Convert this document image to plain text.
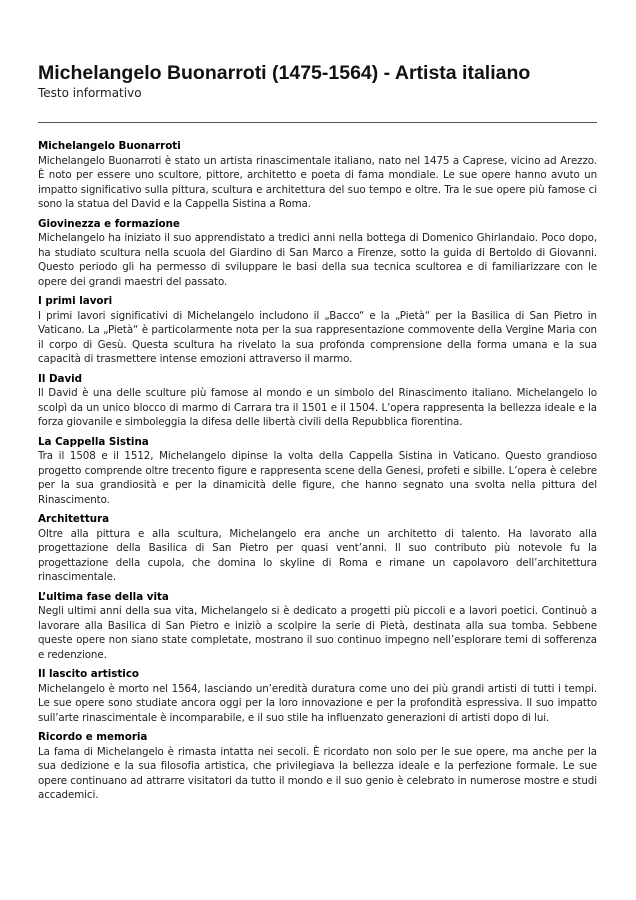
Michelangelo Buonarroti (1475-1564) - Artista italiano
Testo informativo
Michelangelo Buonarroti

Michelangelo Buonarroti è stato un artista rinascimentale italiano, nato nel 1475 a Caprese, vicino ad Arezzo. È noto per essere uno scultore, pittore, architetto e poeta di fama mondiale. Le sue opere hanno avuto un impatto significativo sulla pittura, scultura e architettura del suo tempo e oltre. Tra le sue opere più famose ci sono la statua del David e la Cappella Sistina a Roma.

Giovinezza e formazione

Michelangelo ha iniziato il suo apprendistato a tredici anni nella bottega di Domenico Ghirlandaio. Poco dopo, ha studiato scultura nella scuola del Giardino di San Marco a Firenze, sotto la guida di Bertoldo di Giovanni. Questo periodo gli ha permesso di sviluppare le basi della sua tecnica scultorea e di familiarizzare con le opere dei grandi maestri del passato.

I primi lavori

I primi lavori significativi di Michelangelo includono il „Bacco“ e la „Pietà“ per la Basilica di San Pietro in Vaticano. La „Pietà“ è particolarmente nota per la sua rappresentazione commovente della Vergine Maria con il corpo di Gesù. Questa scultura ha rivelato la sua profonda comprensione della forma umana e la sua capacità di trasmettere intense emozioni attraverso il marmo.

Il David

Il David è una delle sculture più famose al mondo e un simbolo del Rinascimento italiano. Michelangelo lo scolpì da un unico blocco di marmo di Carrara tra il 1501 e il 1504. L’opera rappresenta la bellezza ideale e la forza giovanile e simboleggia la difesa delle libertà civili della Repubblica fiorentina.

La Cappella Sistina

Tra il 1508 e il 1512, Michelangelo dipinse la volta della Cappella Sistina in Vaticano. Questo grandioso progetto comprende oltre trecento figure e rappresenta scene della Genesi, profeti e sibille. L’opera è celebre per la sua grandiosità e per la dinamicità delle figure, che hanno segnato una svolta nella pittura del Rinascimento.

Architettura

Oltre alla pittura e alla scultura, Michelangelo era anche un architetto di talento. Ha lavorato alla progettazione della Basilica di San Pietro per quasi vent’anni. Il suo contributo più notevole fu la progettazione della cupola, che domina lo skyline di Roma e rimane un capolavoro dell’architettura rinascimentale.

L’ultima fase della vita

Negli ultimi anni della sua vita, Michelangelo si è dedicato a progetti più piccoli e a lavori poetici. Continuò a lavorare alla Basilica di San Pietro e iniziò a scolpire la serie di Pietà, destinata alla sua tomba. Sebbene queste opere non siano state completate, mostrano il suo continuo impegno nell’esplorare temi di sofferenza e redenzione.

Il lascito artistico

Michelangelo è morto nel 1564, lasciando un’eredità duratura come uno dei più grandi artisti di tutti i tempi. Le sue opere sono studiate ancora oggi per la loro innovazione e per la profondità espressiva. Il suo impatto sull’arte rinascimentale è incomparabile, e il suo stile ha influenzato generazioni di artisti dopo di lui.

Ricordo e memoria

La fama di Michelangelo è rimasta intatta nei secoli. È ricordato non solo per le sue opere, ma anche per la sua dedizione e la sua filosofia artistica, che privilegiava la bellezza ideale e la perfezione formale. Le sue opere continuano ad attrarre visitatori da tutto il mondo e il suo genio è celebrato in numerose mostre e studi accademici.
